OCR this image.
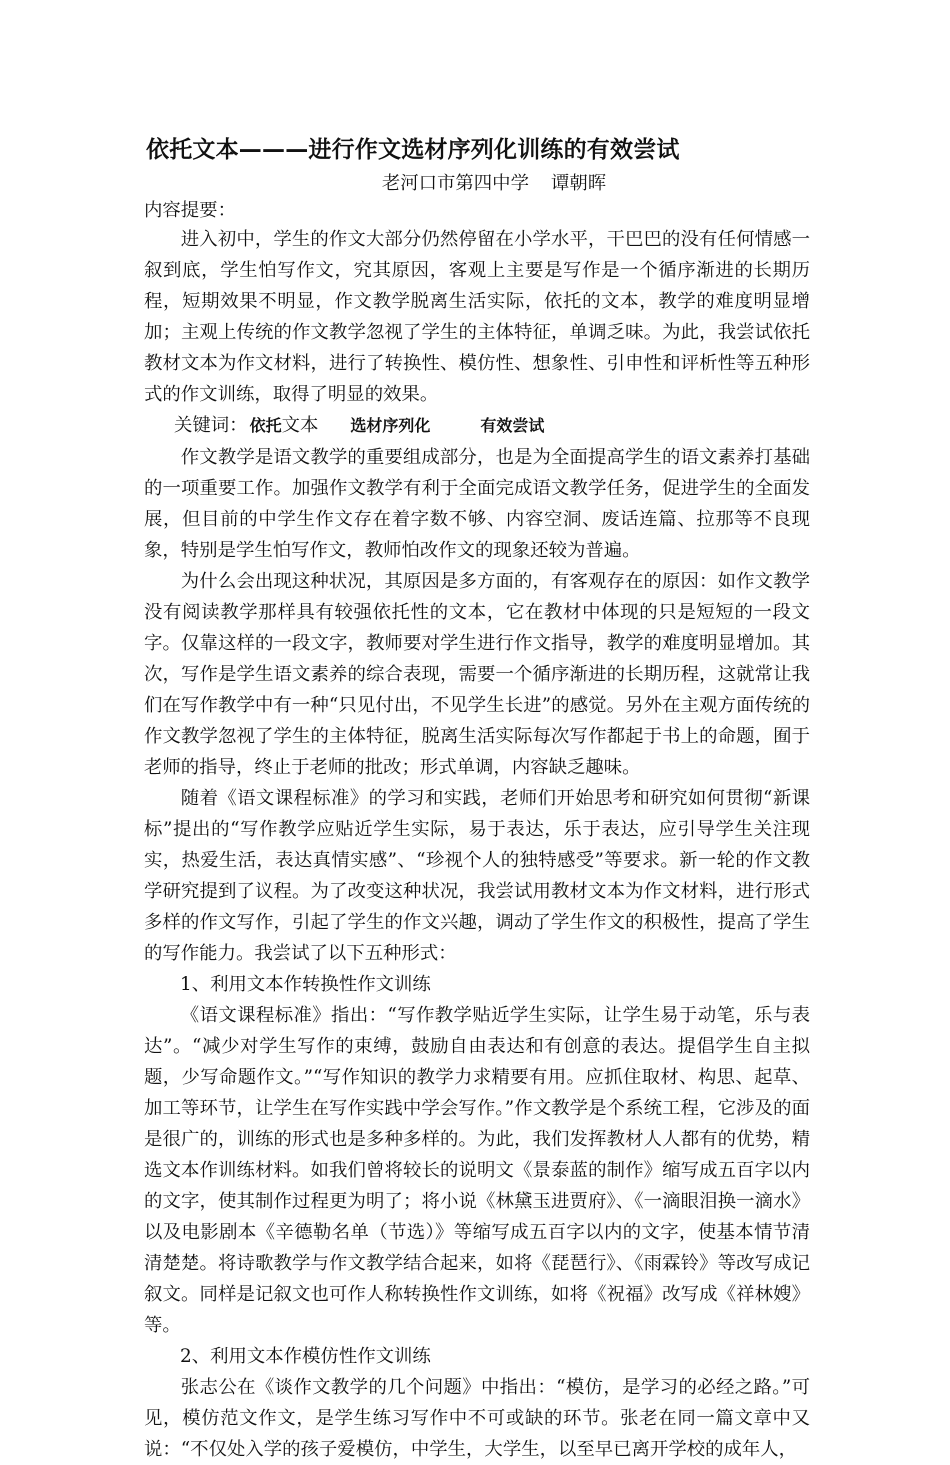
依托文本———进行作文选材序列化训练的有效尝试
老河口市第四中学 谭朝晖
内容提要：

进入初中，学生的作文大部分仍然停留在小学水平，干巴巴的没有任何情感一叙到底，学生怕写作文，究其原因，客观上主要是写作是一个循序渐进的长期历程，短期效果不明显，作文教学脱离生活实际，依托的文本，教学的难度明显增加；主观上传统的作文教学忽视了学生的主体特征，单调乏味。为此，我尝试依托教材文本为作文材料，进行了转换性、模仿性、想象性、引申性和评析性等五种形式的作文训练，取得了明显的效果。

关键词： 依托文本 选材序列化	有效尝试

作文教学是语文教学的重要组成部分，也是为全面提高学生的语文素养打基础的一项重要工作。加强作文教学有利于全面完成语文教学任务，促进学生的全面发展，但目前的中学生作文存在着字数不够、内容空洞、废话连篇、拉那等不良现象，特别是学生怕写作文，教师怕改作文的现象还较为普遍。

为什么会出现这种状况，其原因是多方面的，有客观存在的原因：如作文教学没有阅读教学那样具有较强依托性的文本，它在教材中体现的只是短短的一段文字。仅靠这样的一段文字，教师要对学生进行作文指导，教学的难度明显增加。其次，写作是学生语文素养的综合表现，需要一个循序渐进的长期历程，这就常让我们在写作教学中有一种“只见付出，不见学生长进”的感觉。另外在主观方面传统的作文教学忽视了学生的主体特征，脱离生活实际每次写作都起于书上的命题，囿于老师的指导，终止于老师的批改；形式单调，内容缺乏趣味。

随着《语文课程标准》的学习和实践，老师们开始思考和研究如何贯彻“新课标”提出的“写作教学应贴近学生实际，易于表达，乐于表达，应引导学生关注现实，热爱生活，表达真情实感”、“珍视个人的独特感受”等要求。新一轮的作文教学研究提到了议程。为了改变这种状况，我尝试用教材文本为作文材料，进行形式多样的作文写作，引起了学生的作文兴趣，调动了学生作文的积极性，提高了学生的写作能力。我尝试了以下五种形式：

1、利用文本作转换性作文训练

《语文课程标准》指出：“写作教学贴近学生实际，让学生易于动笔，乐与表达”。“减少对学生写作的束缚，鼓励自由表达和有创意的表达。提倡学生自主拟题，少写命题作文。”“写作知识的教学力求精要有用。应抓住取材、构思、起草、加工等环节，让学生在写作实践中学会写作。”作文教学是个系统工程，它涉及的面是很广的，训练的形式也是多种多样的。为此，我们发挥教材人人都有的优势，精选文本作训练材料。如我们曾将较长的说明文《景泰蓝的制作》缩写成五百字以内的文字，使其制作过程更为明了；将小说《林黛玉进贾府》、《一滴眼泪换一滴水》以及电影剧本《辛德勒名单（节选）》等缩写成五百字以内的文字，使基本情节清清楚楚。将诗歌教学与作文教学结合起来，如将《琵琶行》、《雨霖铃》等改写成记叙文。同样是记叙文也可作人称转换性作文训练，如将《祝福》改写成《祥林嫂》等。

2、利用文本作模仿性作文训练

张志公在《谈作文教学的几个问题》中指出：“模仿，是学习的必经之路。”可见，模仿范文作文，是学生练习写作中不可或缺的环节。张老在同一篇文章中又说：“不仅处入学的孩子爱模仿，中学生，大学生，以至早已离开学校的成年人，
